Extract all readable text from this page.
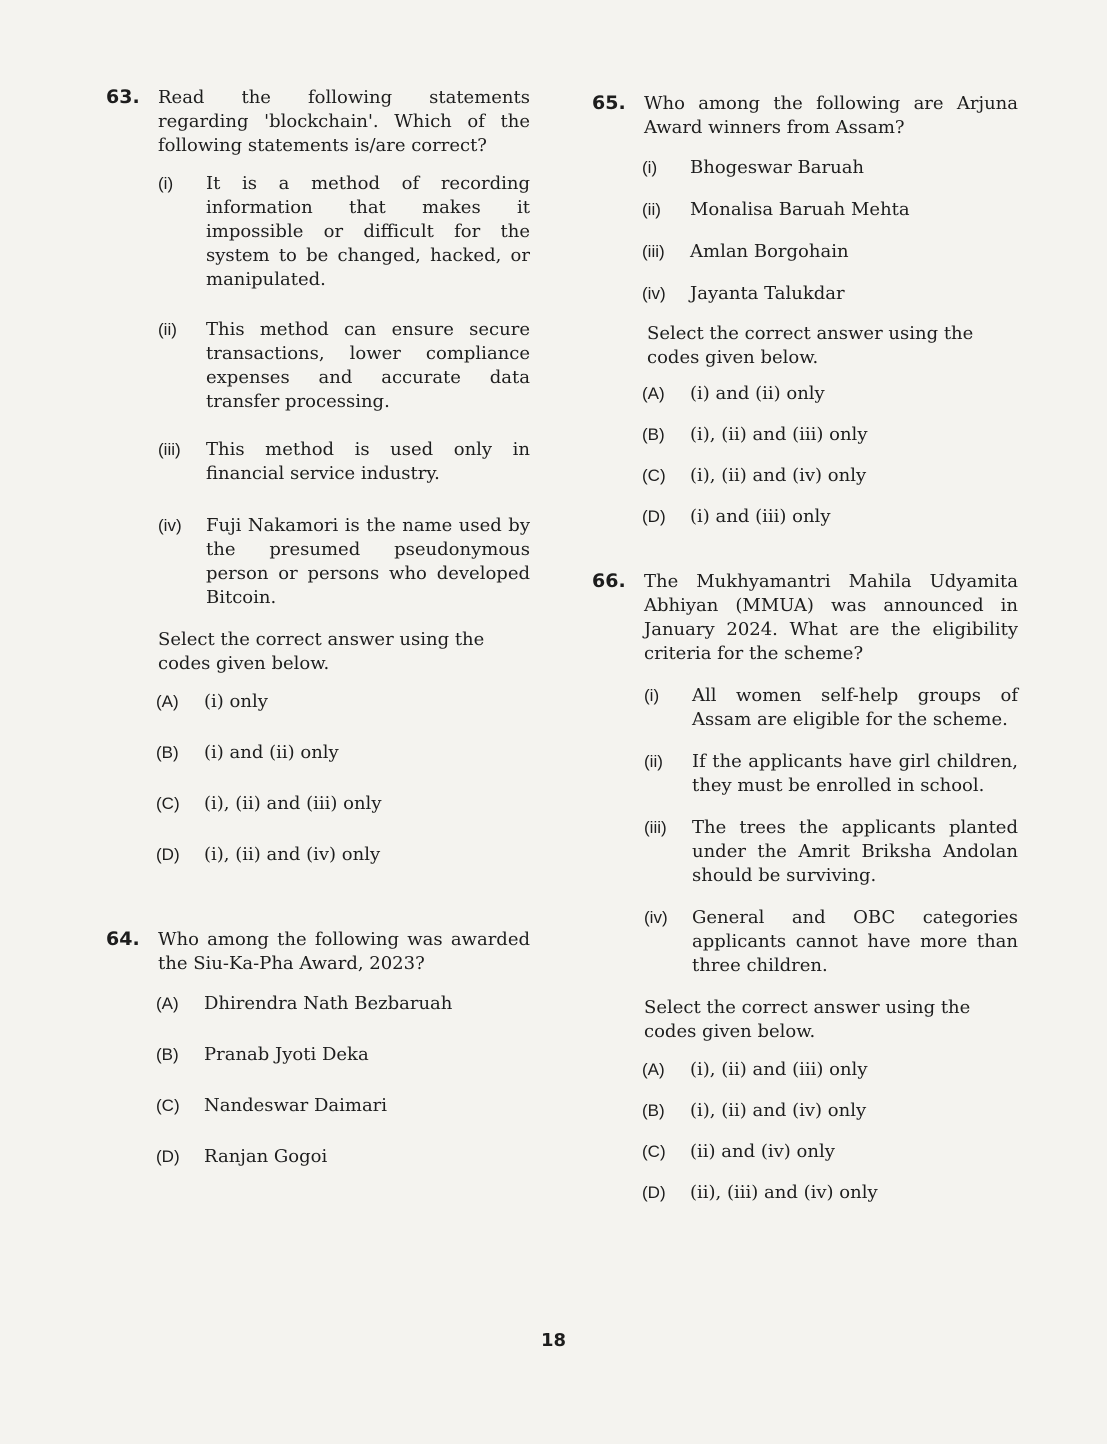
63. Read the following statements regarding 'blockchain'. Which of the following statements is/are correct?
(i) It is a method of recording information that makes it impossible or difficult for the system to be changed, hacked, or manipulated.
(ii) This method can ensure secure transactions, lower compliance expenses and accurate data transfer processing.
(iii) This method is used only in financial service industry.
(iv) Fuji Nakamori is the name used by the presumed pseudonymous person or persons who developed Bitcoin.
Select the correct answer using the codes given below.
(A) (i) only
(B) (i) and (ii) only
(C) (i), (ii) and (iii) only
(D) (i), (ii) and (iv) only
64. Who among the following was awarded the Siu-Ka-Pha Award, 2023?
(A) Dhirendra Nath Bezbaruah
(B) Pranab Jyoti Deka
(C) Nandeswar Daimari
(D) Ranjan Gogoi
65. Who among the following are Arjuna Award winners from Assam?
(i) Bhogeswar Baruah
(ii) Monalisa Baruah Mehta
(iii) Amlan Borgohain
(iv) Jayanta Talukdar
Select the correct answer using the codes given below.
(A) (i) and (ii) only
(B) (i), (ii) and (iii) only
(C) (i), (ii) and (iv) only
(D) (i) and (iii) only
66. The Mukhyamantri Mahila Udyamita Abhiyan (MMUA) was announced in January 2024. What are the eligibility criteria for the scheme?
(i) All women self-help groups of Assam are eligible for the scheme.
(ii) If the applicants have girl children, they must be enrolled in school.
(iii) The trees the applicants planted under the Amrit Briksha Andolan should be surviving.
(iv) General and OBC categories applicants cannot have more than three children.
Select the correct answer using the codes given below.
(A) (i), (ii) and (iii) only
(B) (i), (ii) and (iv) only
(C) (ii) and (iv) only
(D) (ii), (iii) and (iv) only
18
